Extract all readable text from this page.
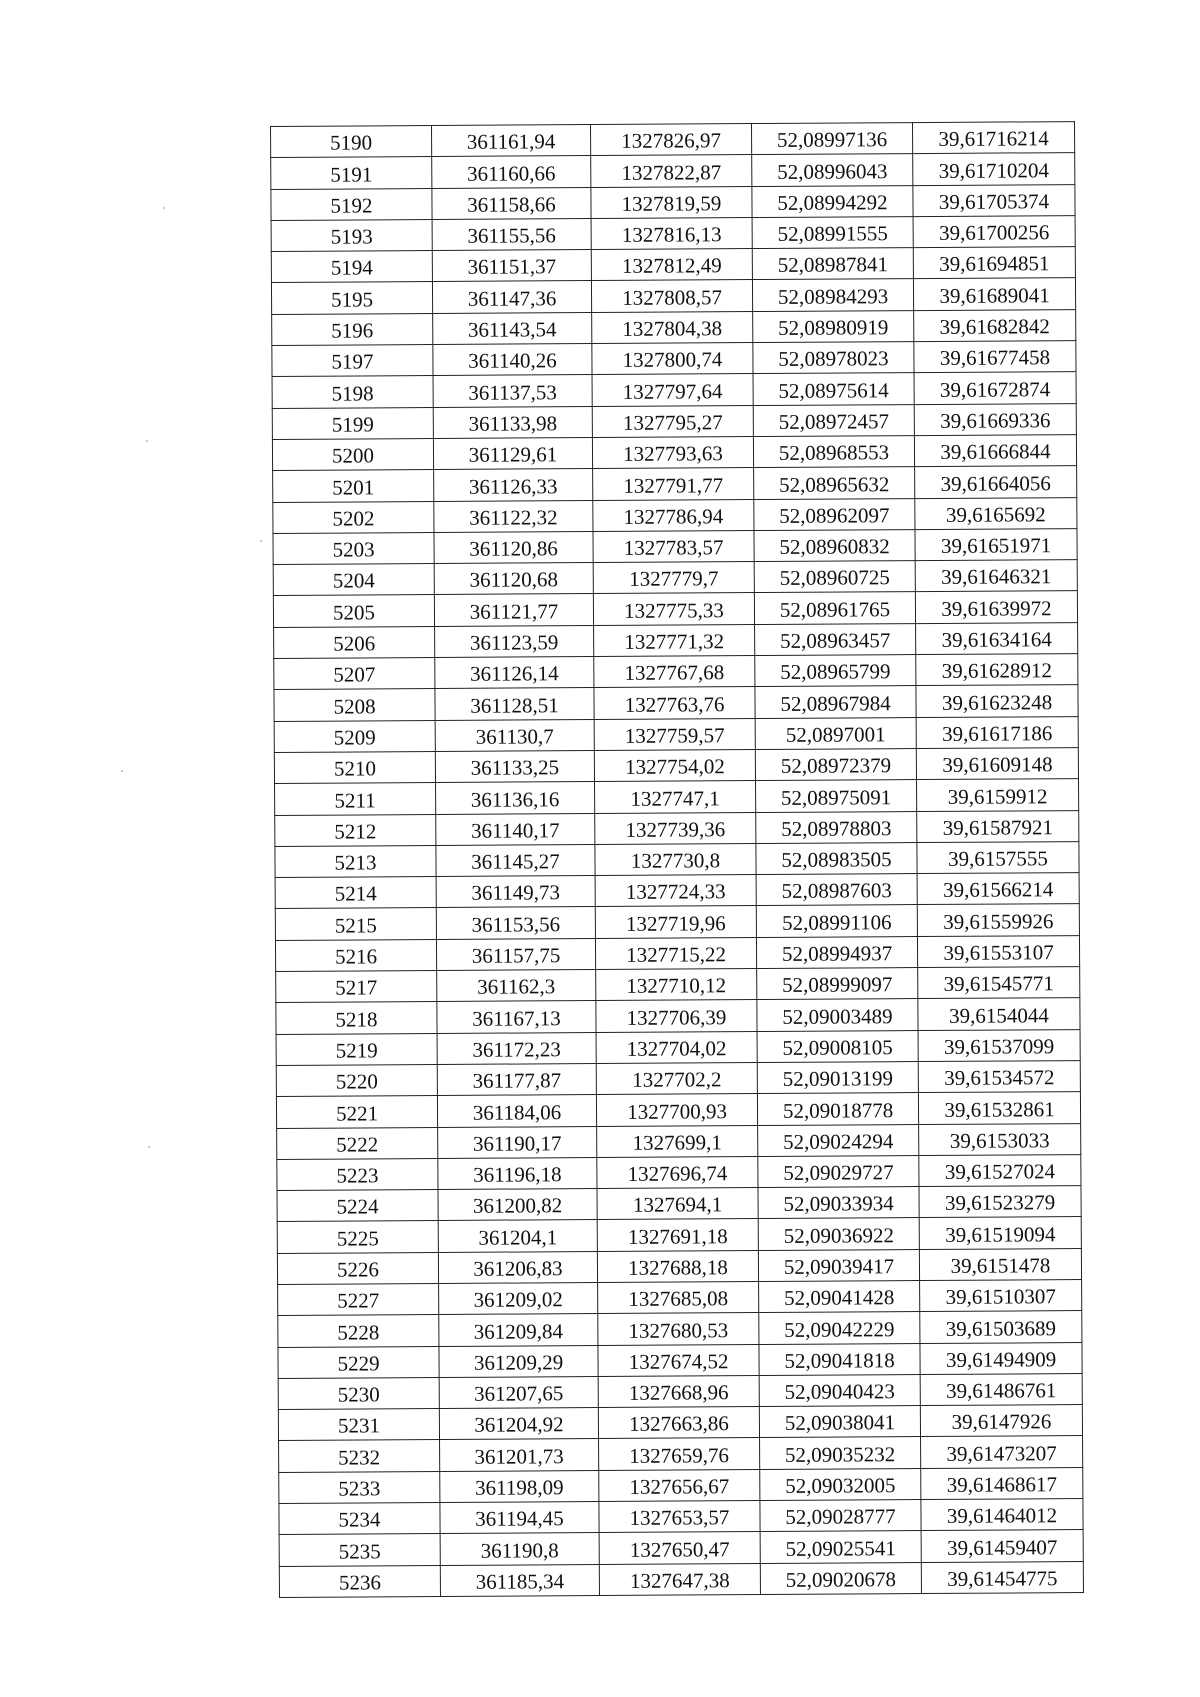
5190	361161,94	1327826,97	52,08997136	39,61716214
5191	361160,66	1327822,87	52,08996043	39,61710204
5192	361158,66	1327819,59	52,08994292	39,61705374
5193	361155,56	1327816,13	52,08991555	39,61700256
5194	361151,37	1327812,49	52,08987841	39,61694851
5195	361147,36	1327808,57	52,08984293	39,61689041
5196	361143,54	1327804,38	52,08980919	39,61682842
5197	361140,26	1327800,74	52,08978023	39,61677458
5198	361137,53	1327797,64	52,08975614	39,61672874
5199	361133,98	1327795,27	52,08972457	39,61669336
5200	361129,61	1327793,63	52,08968553	39,61666844
5201	361126,33	1327791,77	52,08965632	39,61664056
5202	361122,32	1327786,94	52,08962097	39,6165692
5203	361120,86	1327783,57	52,08960832	39,61651971
5204	361120,68	1327779,7	52,08960725	39,61646321
5205	361121,77	1327775,33	52,08961765	39,61639972
5206	361123,59	1327771,32	52,08963457	39,61634164
5207	361126,14	1327767,68	52,08965799	39,61628912
5208	361128,51	1327763,76	52,08967984	39,61623248
5209	361130,7	1327759,57	52,0897001	39,61617186
5210	361133,25	1327754,02	52,08972379	39,61609148
5211	361136,16	1327747,1	52,08975091	39,6159912
5212	361140,17	1327739,36	52,08978803	39,61587921
5213	361145,27	1327730,8	52,08983505	39,6157555
5214	361149,73	1327724,33	52,08987603	39,61566214
5215	361153,56	1327719,96	52,08991106	39,61559926
5216	361157,75	1327715,22	52,08994937	39,61553107
5217	361162,3	1327710,12	52,08999097	39,61545771
5218	361167,13	1327706,39	52,09003489	39,6154044
5219	361172,23	1327704,02	52,09008105	39,61537099
5220	361177,87	1327702,2	52,09013199	39,61534572
5221	361184,06	1327700,93	52,09018778	39,61532861
5222	361190,17	1327699,1	52,09024294	39,6153033
5223	361196,18	1327696,74	52,09029727	39,61527024
5224	361200,82	1327694,1	52,09033934	39,61523279
5225	361204,1	1327691,18	52,09036922	39,61519094
5226	361206,83	1327688,18	52,09039417	39,6151478
5227	361209,02	1327685,08	52,09041428	39,61510307
5228	361209,84	1327680,53	52,09042229	39,61503689
5229	361209,29	1327674,52	52,09041818	39,61494909
5230	361207,65	1327668,96	52,09040423	39,61486761
5231	361204,92	1327663,86	52,09038041	39,6147926
5232	361201,73	1327659,76	52,09035232	39,61473207
5233	361198,09	1327656,67	52,09032005	39,61468617
5234	361194,45	1327653,57	52,09028777	39,61464012
5235	361190,8	1327650,47	52,09025541	39,61459407
5236	361185,34	1327647,38	52,09020678	39,61454775
